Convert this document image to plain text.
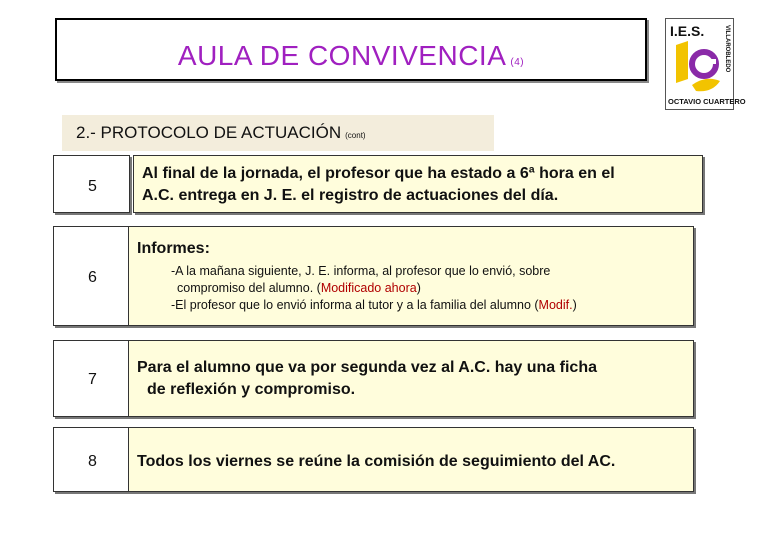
AULA DE CONVIVENCIA (4)
I.E.S.	VILLAROBLEDO
OCTAVIO CUARTERO
2.- PROTOCOLO DE ACTUACIÓN (cont)
5
Al final de la jornada, el profesor que ha estado a 6ª hora en el
A.C. entrega en J. E. el registro de actuaciones del día.
6
Informes:
-A la mañana siguiente, J. E. informa, al profesor que lo envió, sobre
compromiso del alumno. (Modificado ahora)
-El profesor que lo envió informa al tutor y a la familia del alumno (Modif.)
7
Para el alumno que va por segunda vez al A.C. hay una ficha
de reflexión y compromiso.
8	Todos los viernes se reúne la comisión de seguimiento del AC.
